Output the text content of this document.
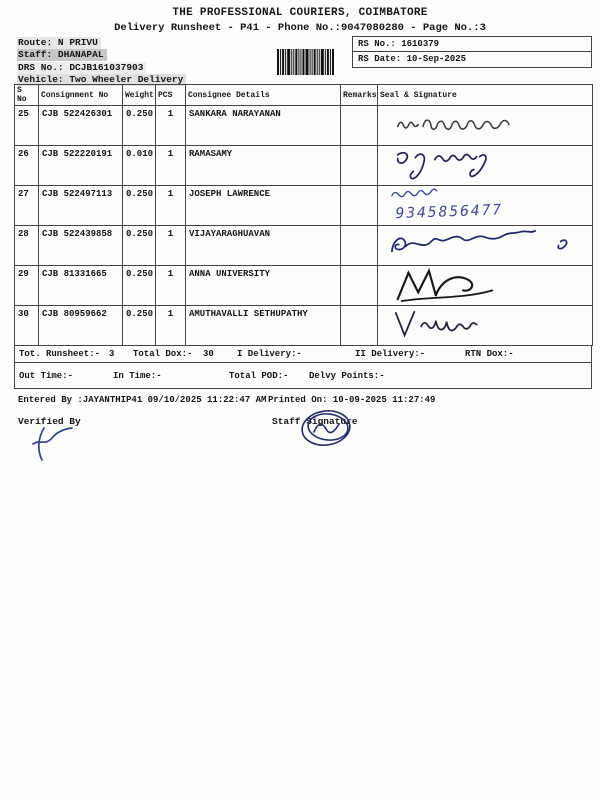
THE PROFESSIONAL COURIERS, COIMBATORE
Delivery Runsheet - P41 - Phone No.:9047080280 - Page No.:3
Route: N PRIVU
Staff: DHANAPAL
DRS No.: DCJB161037903
Vehicle: Two Wheeler Delivery
RS No.: 1610379
RS Date: 10-Sep-2025
S No	Consignment No	Weight	PCS	Consignee Details	Remarks	Seal & Signature
25	CJB 522426301	0.250	1	SANKARA NARAYANAN		

26	CJB 522220191	0.010	1	RAMASAMY		

27	CJB 522497113	0.250	1	JOSEPH LAWRENCE		9345856477

28	CJB 522439858	0.250	1	VIJAYARAGHUAVAN		

29	CJB 81331665	0.250	1	ANNA UNIVERSITY		

30	CJB 80959662	0.250	1	AMUTHAVALLI SETHUPATHY		

Tot. Runsheet:- 3 Total Dox:- 30	I Delivery:-	II Delivery:-	RTN Dox:-
Out Time:-	In Time:-	Total POD:- Delvy Points:-
Entered By :JAYANTHIP41 09/10/2025 11:22:47 AM Printed On: 10-09-2025 11:27:49
Verified By	Staff Signature
